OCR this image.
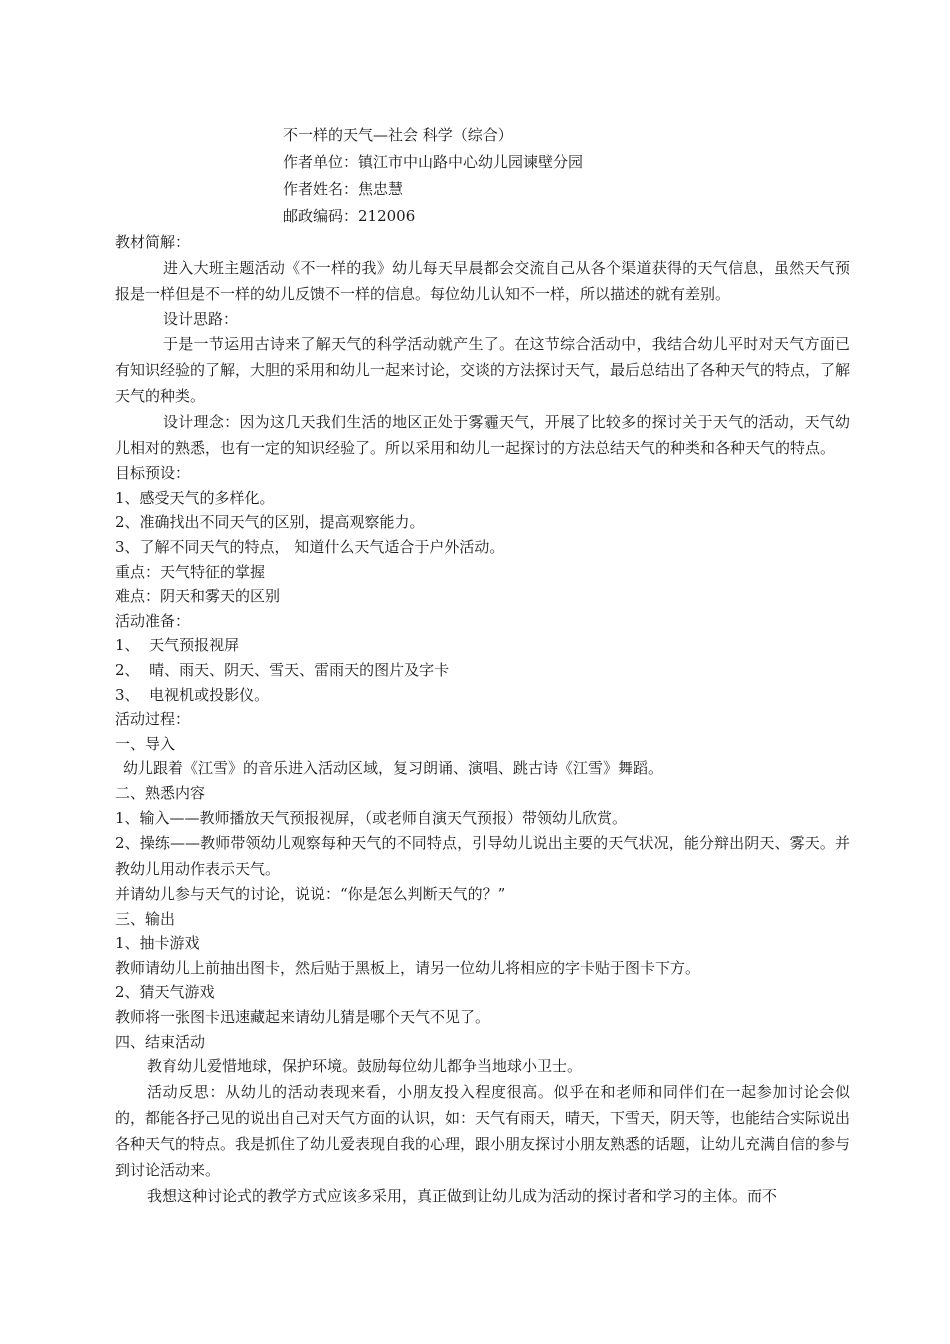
不一样的天气—社会 科学（综合）
作者单位：镇江市中山路中心幼儿园谏壁分园
作者姓名：焦忠慧
邮政编码：212006
教材简解：
进入大班主题活动《不一样的我》幼儿每天早晨都会交流自己从各个渠道获得的天气信息，虽然天气预报是一样但是不一样的幼儿反馈不一样的信息。每位幼儿认知不一样，所以描述的就有差别。
设计思路：
于是一节运用古诗来了解天气的科学活动就产生了。在这节综合活动中，我结合幼儿平时对天气方面已有知识经验的了解，大胆的采用和幼儿一起来讨论，交谈的方法探讨天气，最后总结出了各种天气的特点，了解天气的种类。
设计理念：因为这几天我们生活的地区正处于雾霾天气，开展了比较多的探讨关于天气的活动，天气幼儿相对的熟悉，也有一定的知识经验了。所以采用和幼儿一起探讨的方法总结天气的种类和各种天气的特点。
目标预设：
1、感受天气的多样化。
2、准确找出不同天气的区别，提高观察能力。
3、了解不同天气的特点， 知道什么天气适合于户外活动。
重点：天气特征的掌握
难点：阴天和雾天的区别
活动准备：
1、  天气预报视屏
2、  晴、雨天、阴天、雪天、雷雨天的图片及字卡
3、  电视机或投影仪。
活动过程：
一、导入
幼儿跟着《江雪》的音乐进入活动区域，复习朗诵、演唱、跳古诗《江雪》舞蹈。
二、熟悉内容
1、输入——教师播放天气预报视屏，（或老师自演天气预报）带领幼儿欣赏。
2、操练——教师带领幼儿观察每种天气的不同特点，引导幼儿说出主要的天气状况，能分辩出阴天、雾天。并教幼儿用动作表示天气。
并请幼儿参与天气的讨论，说说：“你是怎么判断天气的？”
三、输出
1、抽卡游戏
教师请幼儿上前抽出图卡，然后贴于黑板上，请另一位幼儿将相应的字卡贴于图卡下方。
2、猜天气游戏
教师将一张图卡迅速藏起来请幼儿猜是哪个天气不见了。
四、结束活动
教育幼儿爱惜地球，保护环境。鼓励每位幼儿都争当地球小卫士。
活动反思：从幼儿的活动表现来看，小朋友投入程度很高。似乎在和老师和同伴们在一起参加讨论会似的，都能各抒己见的说出自己对天气方面的认识，如：天气有雨天，晴天，下雪天，阴天等，也能结合实际说出各种天气的特点。我是抓住了幼儿爱表现自我的心理，跟小朋友探讨小朋友熟悉的话题，让幼儿充满自信的参与到讨论活动来。
我想这种讨论式的教学方式应该多采用，真正做到让幼儿成为活动的探讨者和学习的主体。而不
